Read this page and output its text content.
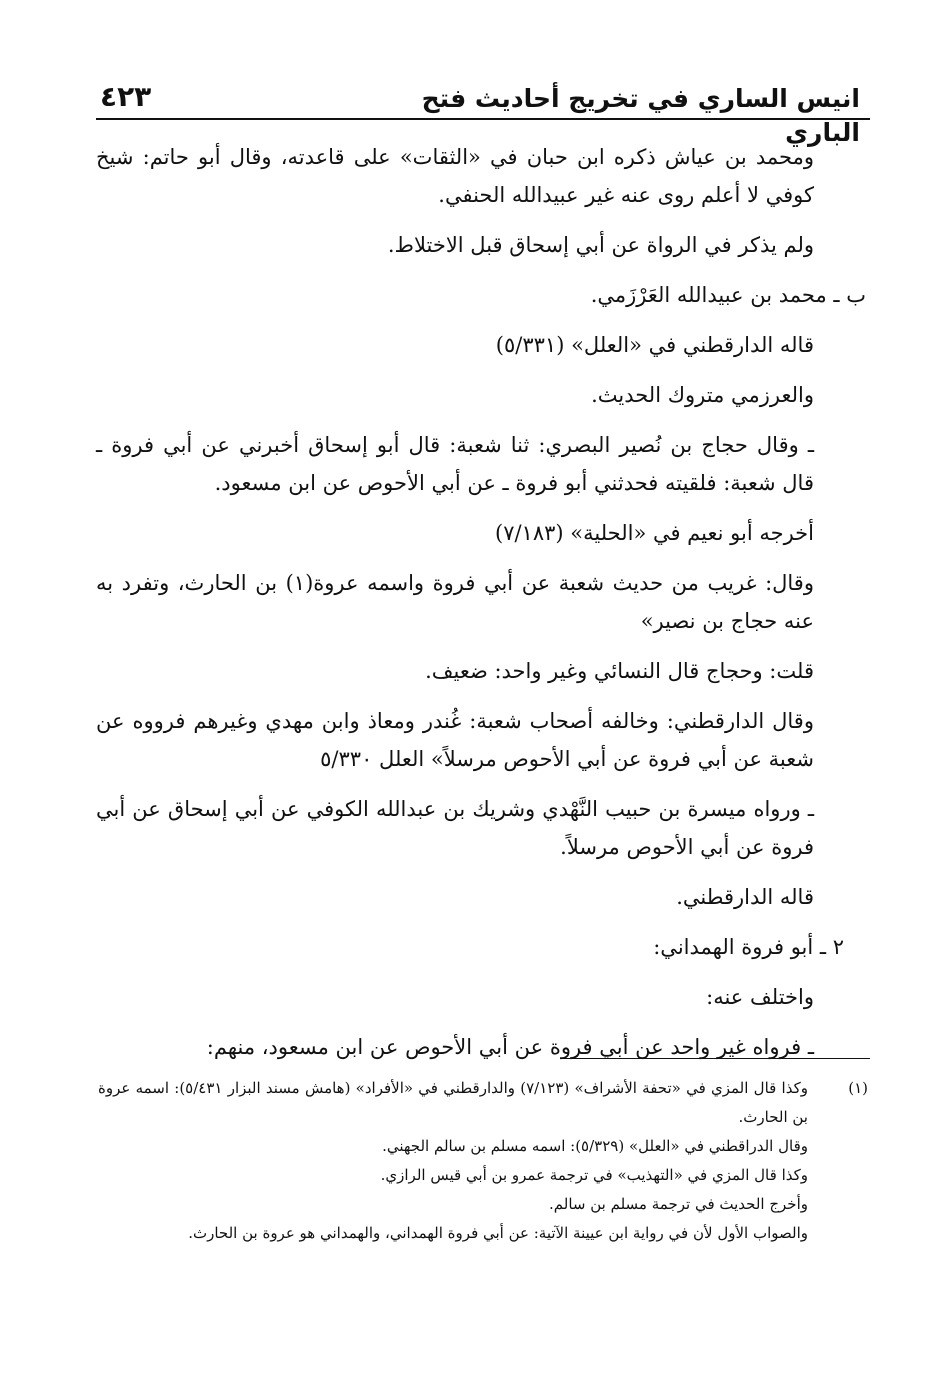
انيس الساري في تخريج أحاديث فتح الباري
٤٢٣

ومحمد بن عياش ذكره ابن حبان في «الثقات» على قاعدته، وقال أبو حاتم: شيخ كوفي لا أعلم روى عنه غير عبيدالله الحنفي.

ولم يذكر في الرواة عن أبي إسحاق قبل الاختلاط.

ب ـ محمد بن عبيدالله العَرْزَمي.

قاله الدارقطني في «العلل» (٥/٣٣١)

والعرزمي متروك الحديث.

ـ وقال حجاج بن نُصير البصري: ثنا شعبة: قال أبو إسحاق أخبرني عن أبي فروة ـ قال شعبة: فلقيته فحدثني أبو فروة ـ عن أبي الأحوص عن ابن مسعود.

أخرجه أبو نعيم في «الحلية» (٧/١٨٣)

وقال: غريب من حديث شعبة عن أبي فروة واسمه عروة(١) بن الحارث، وتفرد به عنه حجاج بن نصير»

قلت: وحجاج قال النسائي وغير واحد: ضعيف.

وقال الدارقطني: وخالفه أصحاب شعبة: غُندر ومعاذ وابن مهدي وغيرهم فرووه عن شعبة عن أبي فروة عن أبي الأحوص مرسلاً» العلل ٥/٣٣٠

ـ ورواه ميسرة بن حبيب النَّهْدي وشريك بن عبدالله الكوفي عن أبي إسحاق عن أبي فروة عن أبي الأحوص مرسلاً.

قاله الدارقطني.

٢ ـ أبو فروة الهمداني:

واختلف عنه:

ـ فرواه غير واحد عن أبي فروة عن أبي الأحوص عن ابن مسعود، منهم:

(١)
وكذا قال المزي في «تحفة الأشراف» (٧/١٢٣) والدارقطني في «الأفراد» (هامش مسند البزار ٥/٤٣١): اسمه عروة بن الحارث.

وقال الدراقطني في «العلل» (٥/٣٢٩): اسمه مسلم بن سالم الجهني.

وكذا قال المزي في «التهذيب» في ترجمة عمرو بن أبي قيس الرازي.

وأخرج الحديث في ترجمة مسلم بن سالم.

والصواب الأول لأن في رواية ابن عيينة الآتية: عن أبي فروة الهمداني، والهمداني هو عروة بن الحارث.
